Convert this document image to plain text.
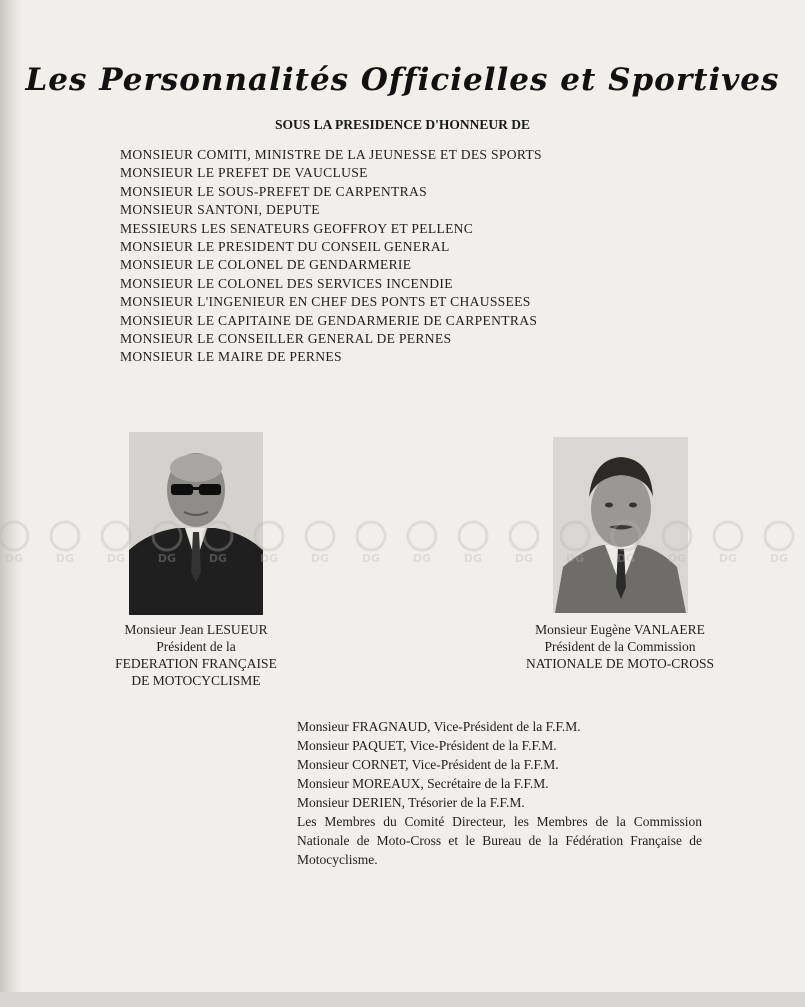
Les Personnalités Officielles et Sportives
SOUS LA PRESIDENCE D'HONNEUR DE
MONSIEUR COMITI, MINISTRE DE LA JEUNESSE ET DES SPORTS
MONSIEUR LE PREFET DE VAUCLUSE
MONSIEUR LE SOUS-PREFET DE CARPENTRAS
MONSIEUR SANTONI, DEPUTE
MESSIEURS LES SENATEURS GEOFFROY ET PELLENC
MONSIEUR LE PRESIDENT DU CONSEIL GENERAL
MONSIEUR LE COLONEL DE GENDARMERIE
MONSIEUR LE COLONEL DES SERVICES INCENDIE
MONSIEUR L'INGENIEUR EN CHEF DES PONTS ET CHAUSSEES
MONSIEUR LE CAPITAINE DE GENDARMERIE DE CARPENTRAS
MONSIEUR LE CONSEILLER GENERAL DE PERNES
MONSIEUR LE MAIRE DE PERNES
Monsieur Jean LESUEUR
Président de la
FEDERATION FRANÇAISE
DE MOTOCYCLISME
Monsieur Eugène VANLAERE
Président de la Commission
NATIONALE DE MOTO-CROSS
Monsieur FRAGNAUD, Vice-Président de la F.F.M.
Monsieur PAQUET, Vice-Président de la F.F.M.
Monsieur CORNET, Vice-Président de la F.F.M.
Monsieur MOREAUX, Secrétaire de la F.F.M.
Monsieur DERIEN, Trésorier de la F.F.M.
Les Membres du Comité Directeur, les Membres de la Commission Nationale de Moto-Cross et le Bureau de la Fédération Française de Motocyclisme.
DG	DG	DG	DG	DG	DG	DG	DG	DG	DG	DG	DG	DG	DG	DG	DG
